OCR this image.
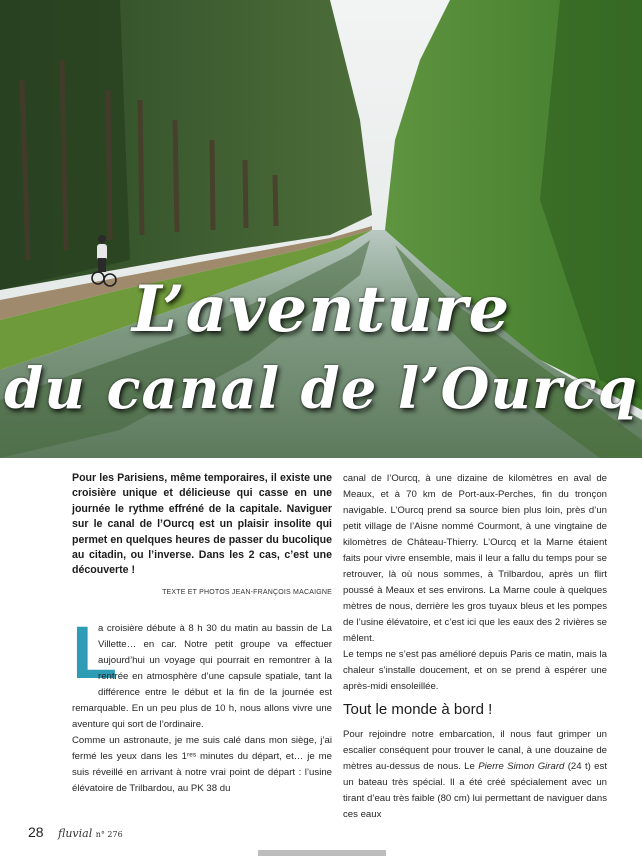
L’aventure
du canal de l’Ourcq

Pour les Parisiens, même temporaires, il existe une croisière unique et délicieuse qui casse en une journée le rythme effréné de la capitale. Naviguer sur le canal de l’Ourcq est un plaisir insolite qui permet en quelques heures de passer du bucolique au citadin, ou l’inverse. Dans les 2 cas, c’est une découverte !

TEXTE ET PHOTOS JEAN-FRANÇOIS MACAIGNE
L

a croisière débute à 8 h 30 du matin au bassin de La Villette… en car. Notre petit groupe va effectuer aujourd’hui un voyage qui pourrait en remontrer à la rentrée en atmosphère d’une capsule spatiale, tant la différence entre le début et la fin de la journée est remarquable. En un peu plus de 10 h, nous allons vivre une aventure qui sort de l’ordinaire.

Comme un astronaute, je me suis calé dans mon siège, j’ai fermé les yeux dans les 1ʳᵉˢ minutes du départ, et… je me suis réveillé en arrivant à notre vrai point de départ : l’usine élévatoire de Trilbardou, au PK 38 du

canal de l’Ourcq, à une dizaine de kilomètres en aval de Meaux, et à 70 km de Port-aux-Perches, fin du tronçon navigable. L’Ourcq prend sa source bien plus loin, près d’un petit village de l’Aisne nommé Courmont, à une vingtaine de kilomètres de Château-Thierry. L’Ourcq et la Marne étaient faits pour vivre ensemble, mais il leur a fallu du temps pour se retrouver, là où nous sommes, à Trilbardou, après un flirt poussé à Meaux et ses environs. La Marne coule à quelques mètres de nous, derrière les gros tuyaux bleus et les pompes de l’usine élévatoire, et c’est ici que les eaux des 2 rivières se mêlent.

Le temps ne s’est pas amélioré depuis Paris ce matin, mais la chaleur s’installe doucement, et on se prend à espérer une après-midi ensoleillée.

Tout le monde à bord !

Pour rejoindre notre embarcation, il nous faut grimper un escalier conséquent pour trouver le canal, à une douzaine de mètres au-dessus de nous. Le Pierre Simon Girard (24 t) est un bateau très spécial. Il a été créé spécialement avec un tirant d’eau très faible (80 cm) lui permettant de naviguer dans ces eaux

28 fluvial n° 276
